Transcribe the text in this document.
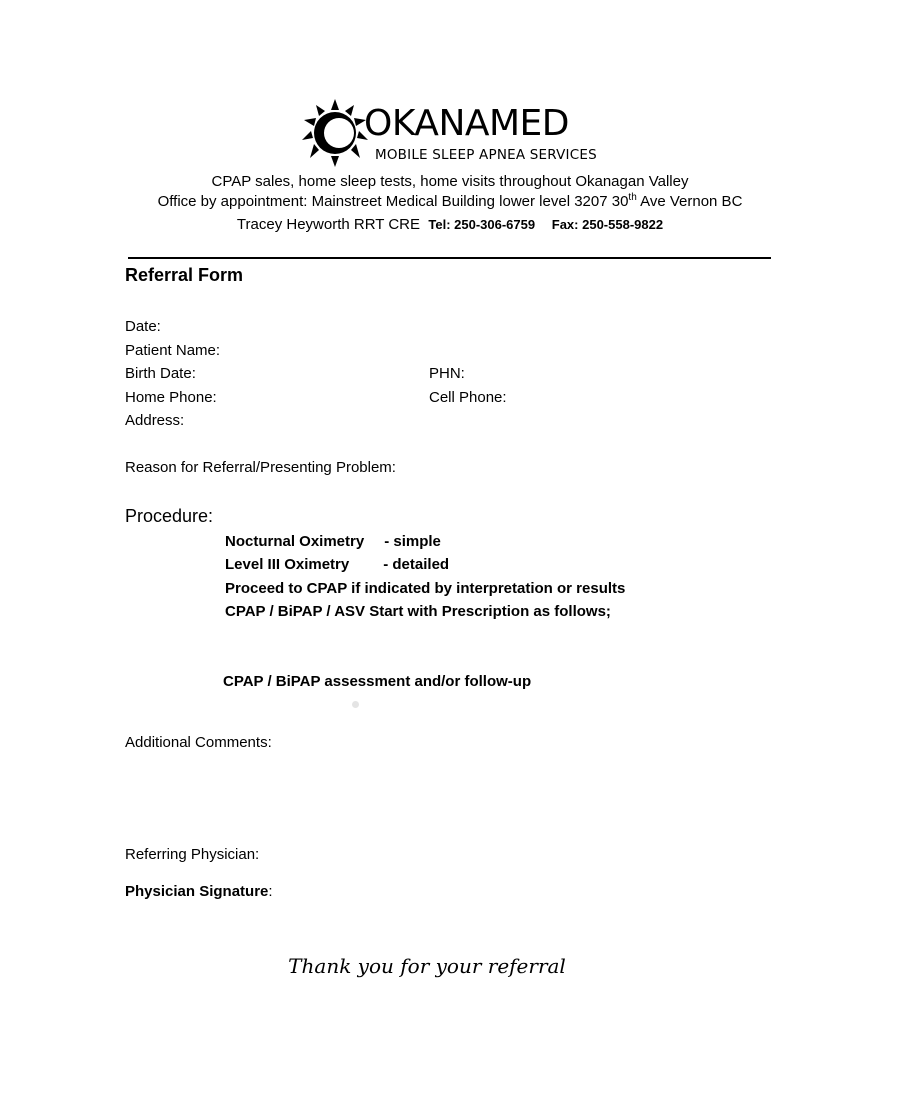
OKANAMED
MOBILE SLEEP APNEA SERVICES
CPAP sales, home sleep tests, home visits throughout Okanagan Valley
Office by appointment: Mainstreet Medical Building lower level 3207 30th Ave Vernon BC
Tracey Heyworth RRT CRE Tel: 250-306-6759 Fax: 250-558-9822
Referral Form
Date:
Patient Name:
Birth Date:	PHN:
Home Phone:	Cell Phone:
Address:
Reason for Referral/Presenting Problem:
Procedure:
Nocturnal Oximetry - simple
Level III Oximetry - detailed
Proceed to CPAP if indicated by interpretation or results
CPAP / BiPAP / ASV Start with Prescription as follows;
CPAP / BiPAP assessment and/or follow-up
Additional Comments:
Referring Physician:
Physician Signature:
Thank you for your referral
